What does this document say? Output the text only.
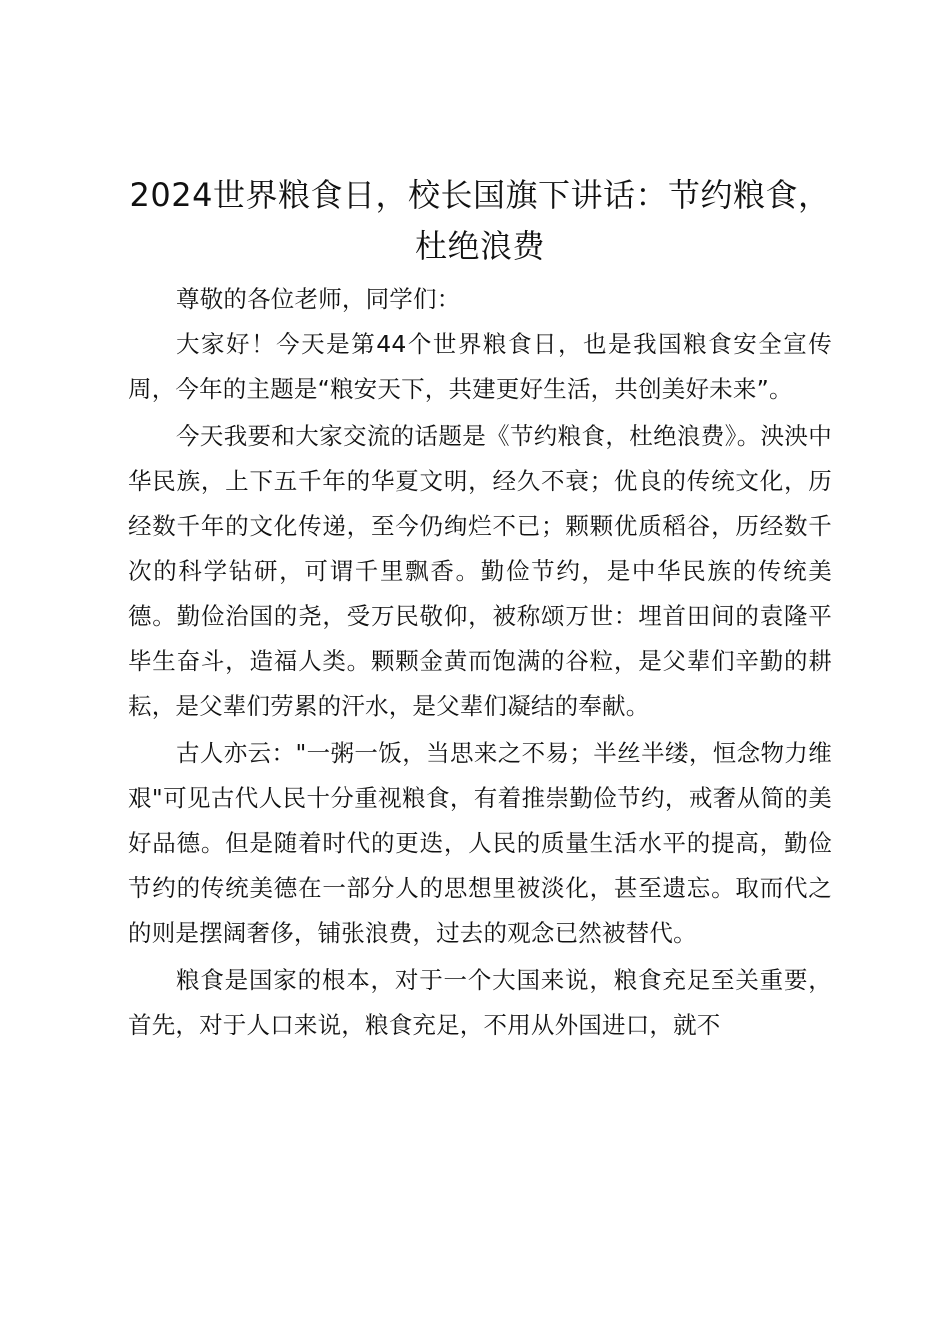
2024世界粮食日，校长国旗下讲话：节约粮食，杜绝浪费

尊敬的各位老师，同学们：

大家好！今天是第44个世界粮食日，也是我国粮食安全宣传周，今年的主题是“粮安天下，共建更好生活，共创美好未来”。

今天我要和大家交流的话题是《节约粮食，杜绝浪费》。泱泱中华民族，上下五千年的华夏文明，经久不衰；优良的传统文化，历经数千年的文化传递，至今仍绚烂不已；颗颗优质稻谷，历经数千次的科学钻研，可谓千里飘香。勤俭节约，是中华民族的传统美德。勤俭治国的尧，受万民敬仰，被称颂万世：埋首田间的袁隆平毕生奋斗，造福人类。颗颗金黄而饱满的谷粒，是父辈们辛勤的耕耘，是父辈们劳累的汗水，是父辈们凝结的奉献。

古人亦云："一粥一饭，当思来之不易；半丝半缕，恒念物力维艰"可见古代人民十分重视粮食，有着推崇勤俭节约，戒奢从简的美好品德。但是随着时代的更迭，人民的质量生活水平的提高，勤俭节约的传统美德在一部分人的思想里被淡化，甚至遗忘。取而代之的则是摆阔奢侈，铺张浪费，过去的观念已然被替代。

粮食是国家的根本，对于一个大国来说，粮食充足至关重要，首先，对于人口来说，粮食充足，不用从外国进口，就不
